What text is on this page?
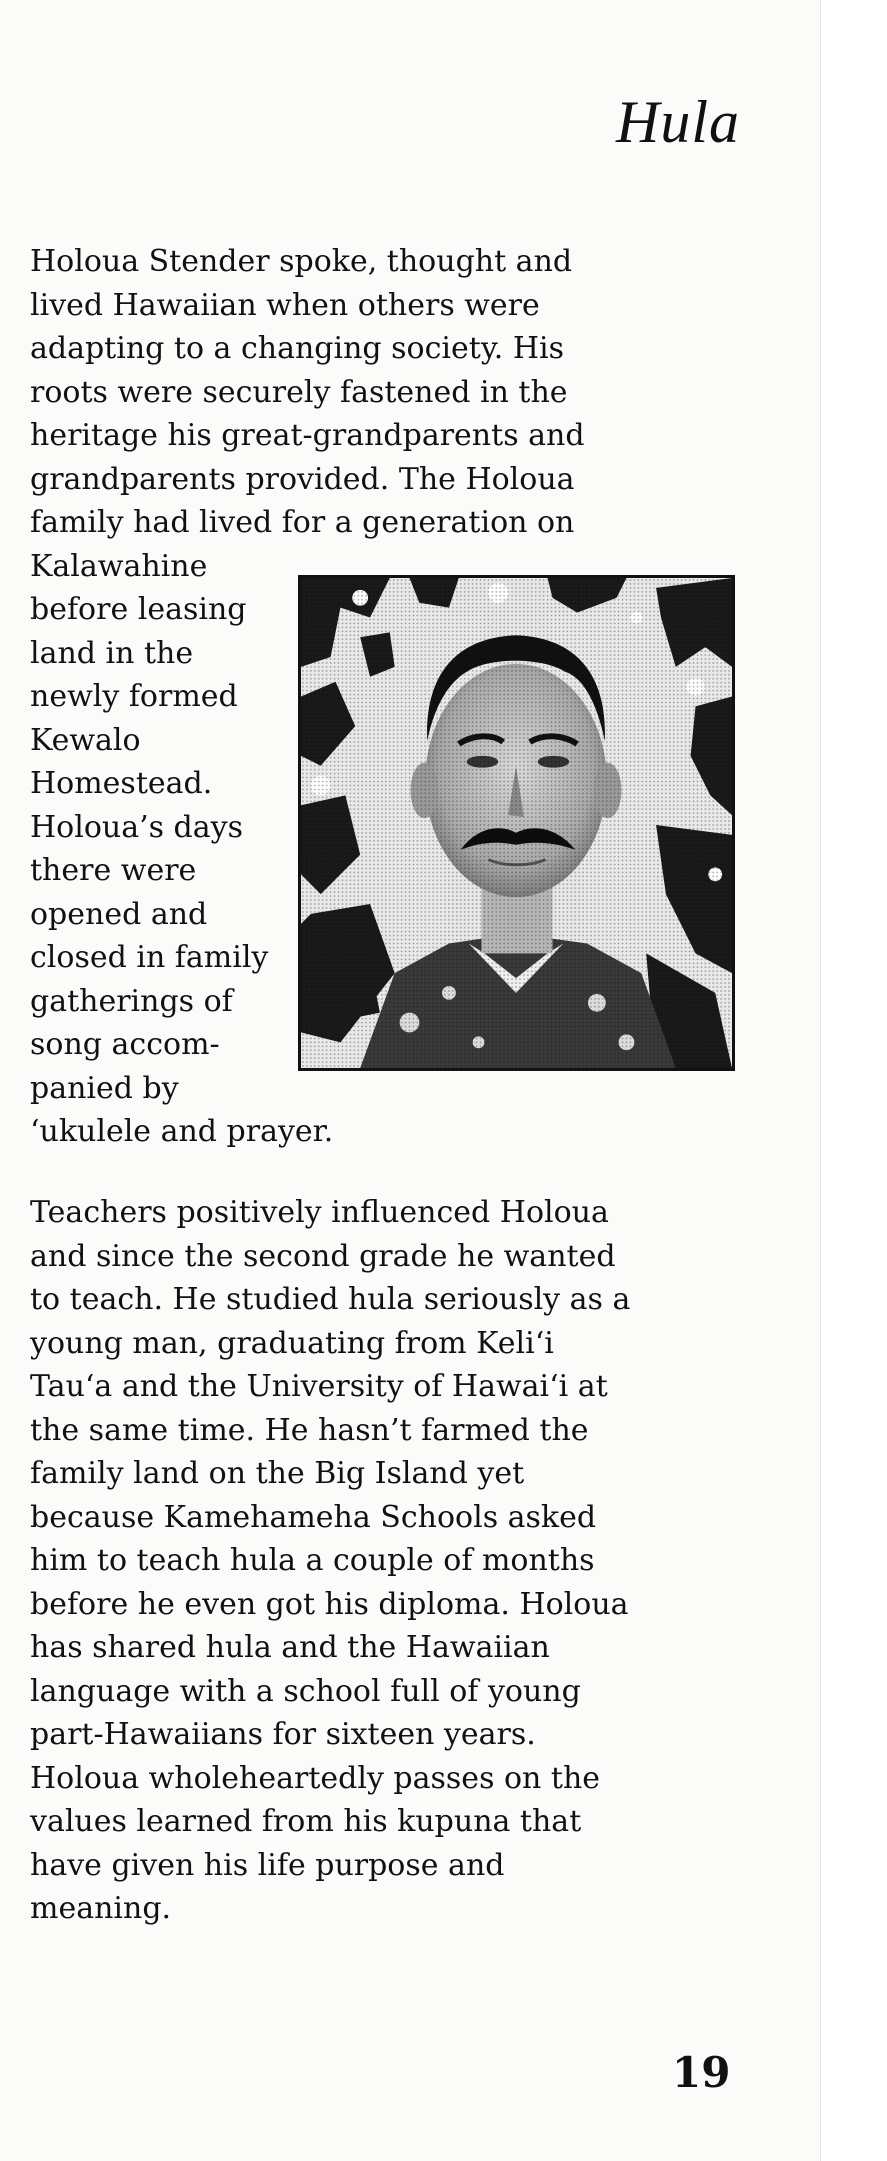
Hula

Holoua Stender spoke, thought and
lived Hawaiian when others were
adapting to a changing society. His
roots were securely fastened in the
heritage his great-grandparents and
grandparents provided. The Holoua
family had lived for a generation on
Kalawahine
before leasing
land in the
newly formed
Kewalo
Homestead.
Holoua’s days
there were
opened and
closed in family
gatherings of
song accom-
panied by
‘ukulele and prayer.

Teachers positively influenced Holoua
and since the second grade he wanted
to teach. He studied hula seriously as a
young man, graduating from Keli‘i
Tau‘a and the University of Hawai‘i at
the same time. He hasn’t farmed the
family land on the Big Island yet
because Kamehameha Schools asked
him to teach hula a couple of months
before he even got his diploma. Holoua
has shared hula and the Hawaiian
language with a school full of young
part-Hawaiians for sixteen years.
Holoua wholeheartedly passes on the
values learned from his kupuna that
have given his life purpose and
meaning.

19
